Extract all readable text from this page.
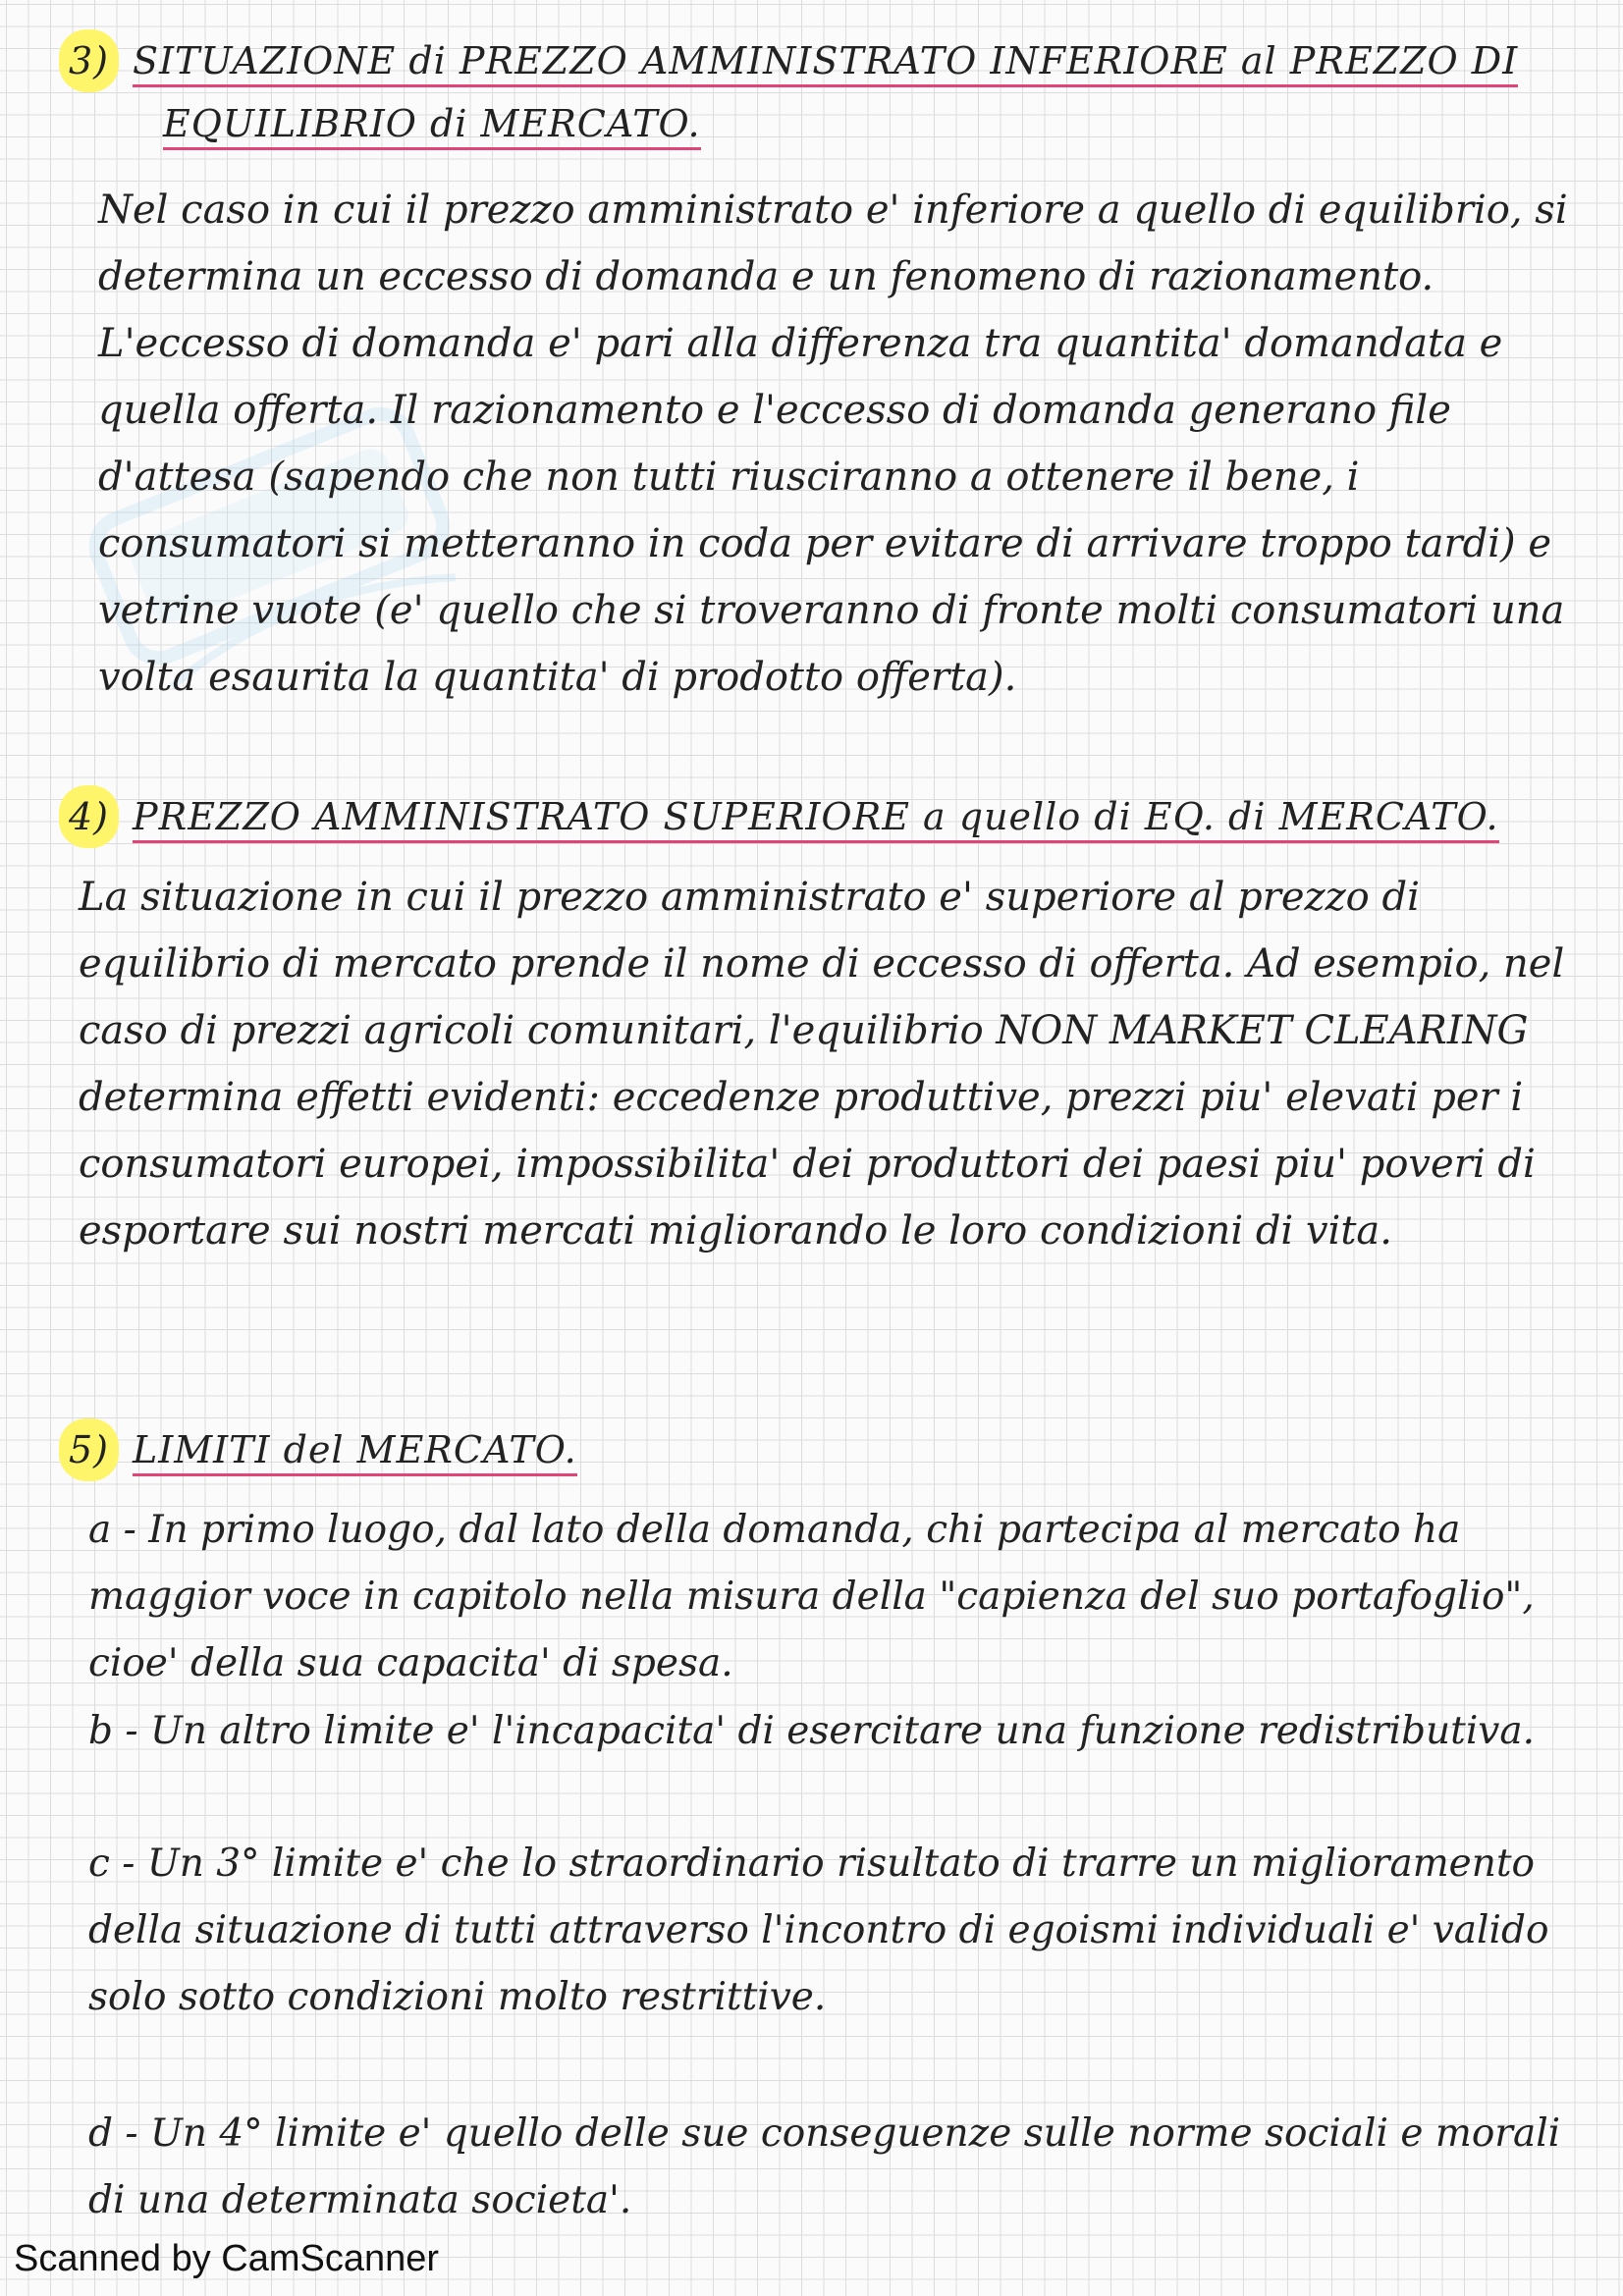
3) SITUAZIONE di PREZZO AMMINISTRATO INFERIORE al PREZZO DI
EQUILIBRIO di MERCATO.

Nel caso in cui il prezzo amministrato e' inferiore a quello di equilibrio, si determina un eccesso di domanda e un fenomeno di razionamento. L'eccesso di domanda e' pari alla differenza tra quantita' domandata e quella offerta. Il razionamento e l'eccesso di domanda generano file d'attesa (sapendo che non tutti riusciranno a ottenere il bene, i consumatori si metteranno in coda per evitare di arrivare troppo tardi) e vetrine vuote (e' quello che si troveranno di fronte molti consumatori una volta esaurita la quantita' di prodotto offerta).

4) PREZZO AMMINISTRATO SUPERIORE a quello di EQ. di MERCATO.

La situazione in cui il prezzo amministrato e' superiore al prezzo di equilibrio di mercato prende il nome di eccesso di offerta. Ad esempio, nel caso di prezzi agricoli comunitari, l'equilibrio NON MARKET CLEARING determina effetti evidenti: eccedenze produttive, prezzi piu' elevati per i consumatori europei, impossibilita' dei produttori dei paesi piu' poveri di esportare sui nostri mercati migliorando le loro condizioni di vita.

5) LIMITI del MERCATO.

a - In primo luogo, dal lato della domanda, chi partecipa al mercato ha maggior voce in capitolo nella misura della "capienza del suo portafoglio", cioe' della sua capacita' di spesa.

b - Un altro limite e' l'incapacita' di esercitare una funzione redistributiva.

c - Un 3° limite e' che lo straordinario risultato di trarre un miglioramento della situazione di tutti attraverso l'incontro di egoismi individuali e' valido solo sotto condizioni molto restrittive.

d - Un 4° limite e' quello delle sue conseguenze sulle norme sociali e morali di una determinata societa'.

Scanned by CamScanner
